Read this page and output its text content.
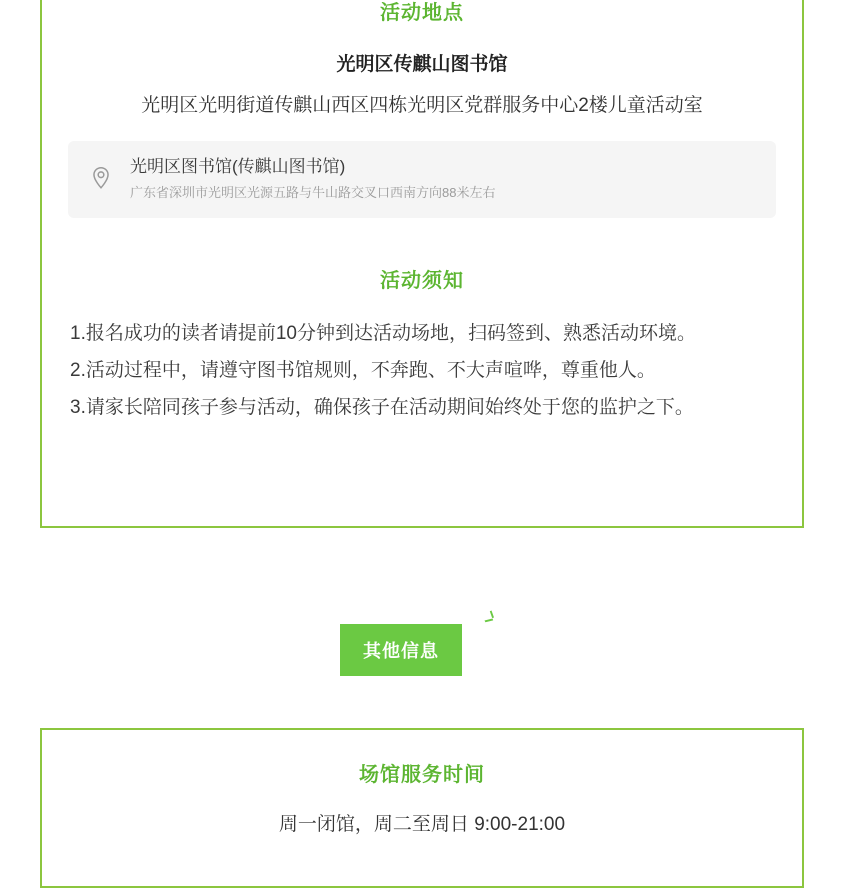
活动地点
光明区传麒山图书馆
光明区光明街道传麒山西区四栋光明区党群服务中心2楼儿童活动室
光明区图书馆(传麒山图书馆)
广东省深圳市光明区光源五路与牛山路交叉口西南方向88米左右
活动须知

1.报名成功的读者请提前10分钟到达活动场地，扫码签到、熟悉活动环境。

2.活动过程中，请遵守图书馆规则，不奔跑、不大声喧哗，尊重他人。

3.请家长陪同孩子参与活动，确保孩子在活动期间始终处于您的监护之下。

其他信息
场馆服务时间
周一闭馆，周二至周日 9:00-21:00
